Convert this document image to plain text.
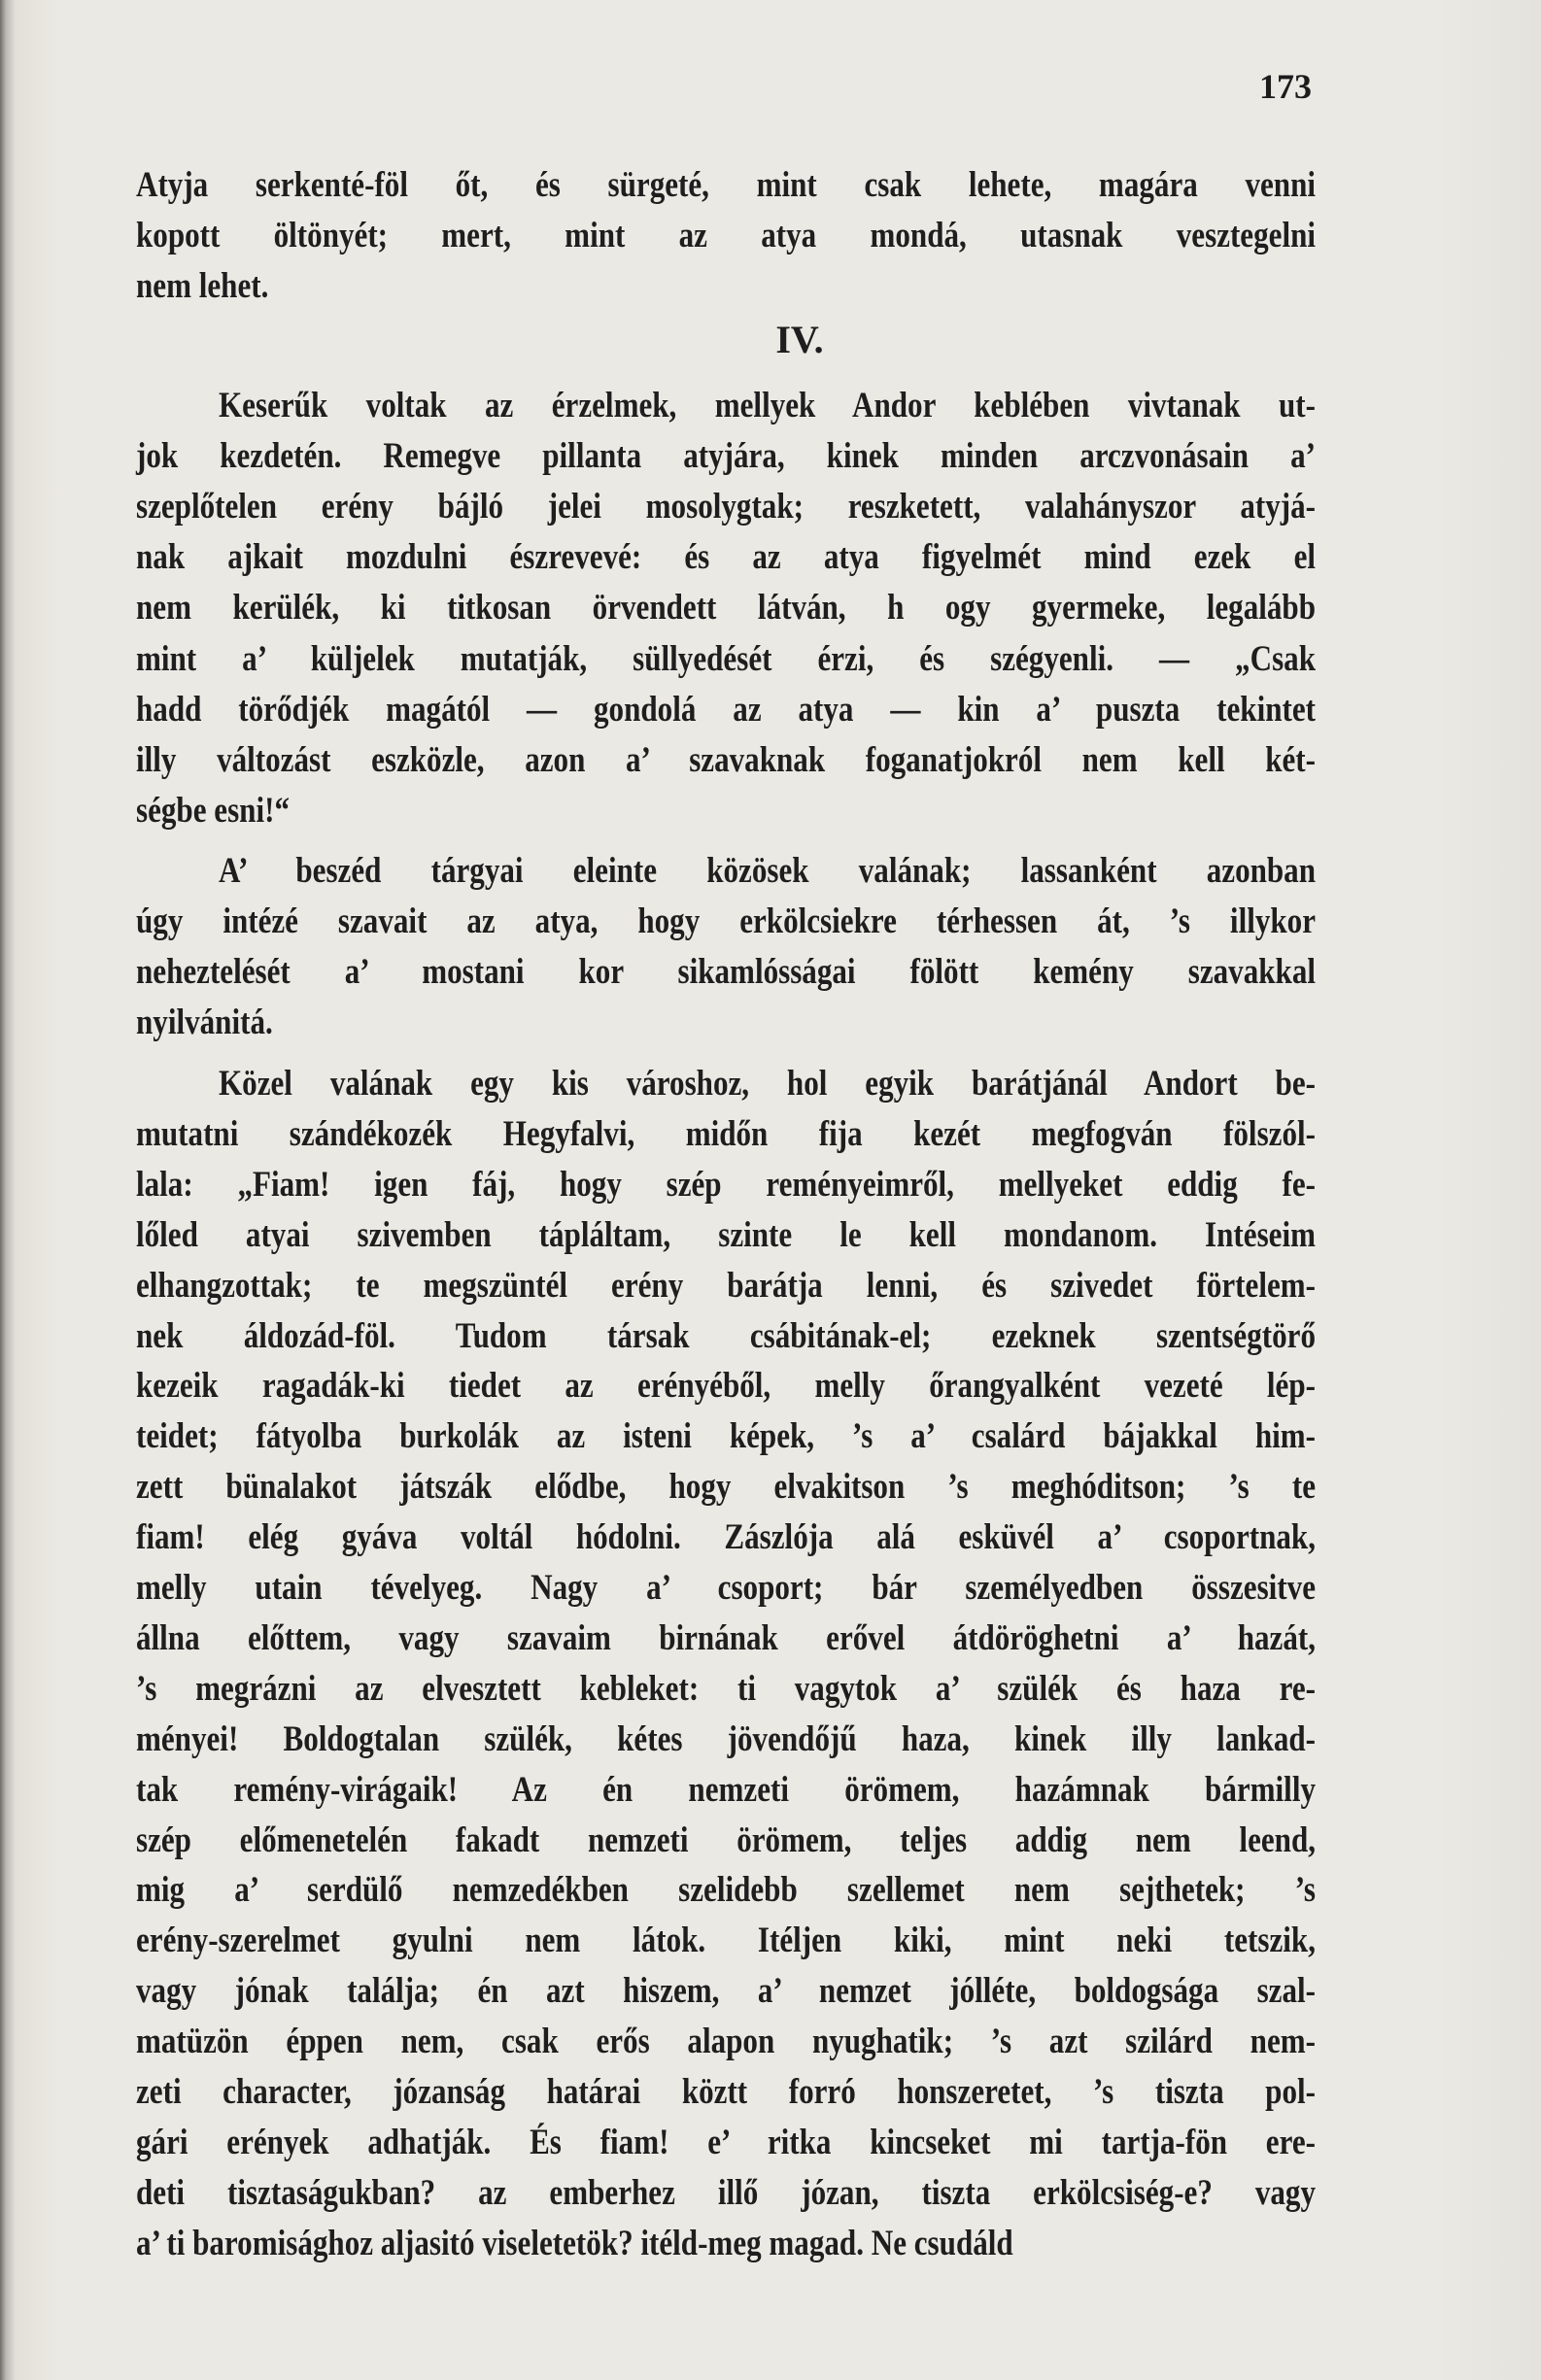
173
IV.
Atyja serkenté-föl őt, és sürgeté, mint csak lehete, magára venni
kopott öltönyét; mert, mint az atya mondá, utasnak vesztegelni
nem lehet.
Keserűk voltak az érzelmek, mellyek Andor keblében vivtanak ut-
jok kezdetén. Remegve pillanta atyjára, kinek minden arczvonásain a’
szeplőtelen erény bájló jelei mosolygtak; reszketett, valahányszor atyjá-
nak ajkait mozdulni észrevevé: és az atya figyelmét mind ezek el
nem kerülék, ki titkosan örvendett látván, h ogy gyermeke, legalább
mint a’ küljelek mutatják, süllyedését érzi, és szégyenli. — „Csak
hadd törődjék magától — gondolá az atya — kin a’ puszta tekintet
illy változást eszközle, azon a’ szavaknak foganatjokról nem kell két-
ségbe esni!“
A’ beszéd tárgyai eleinte közösek valának; lassanként azonban
úgy intézé szavait az atya, hogy erkölcsiekre térhessen át, ’s illykor
neheztelését a’ mostani kor sikamlósságai fölött kemény szavakkal
nyilvánitá.
Közel valának egy kis városhoz, hol egyik barátjánál Andort be-
mutatni szándékozék Hegyfalvi, midőn fija kezét megfogván fölszól-
lala: „Fiam! igen fáj, hogy szép reményeimről, mellyeket eddig fe-
lőled atyai szivemben tápláltam, szinte le kell mondanom. Intéseim
elhangzottak; te megszüntél erény barátja lenni, és szivedet förtelem-
nek áldozád-föl. Tudom társak csábitának-el; ezeknek szentségtörő
kezeik ragadák-ki tiedet az erényéből, melly őrangyalként vezeté lép-
teidet; fátyolba burkolák az isteni képek, ’s a’ csalárd bájakkal him-
zett bünalakot játszák elődbe, hogy elvakitson ’s meghóditson; ’s te
fiam! elég gyáva voltál hódolni. Zászlója alá esküvél a’ csoportnak,
melly utain tévelyeg. Nagy a’ csoport; bár személyedben összesitve
állna előttem, vagy szavaim birnának erővel átdöröghetni a’ hazát,
’s megrázni az elvesztett kebleket: ti vagytok a’ szülék és haza re-
ményei! Boldogtalan szülék, kétes jövendőjű haza, kinek illy lankad-
tak remény-virágaik! Az én nemzeti örömem, hazámnak bármilly
szép előmenetelén fakadt nemzeti örömem, teljes addig nem leend,
mig a’ serdülő nemzedékben szelidebb szellemet nem sejthetek; ’s
erény-szerelmet gyulni nem látok. Itéljen kiki, mint neki tetszik,
vagy jónak találja; én azt hiszem, a’ nemzet jólléte, boldogsága szal-
matüzön éppen nem, csak erős alapon nyughatik; ’s azt szilárd nem-
zeti character, józanság határai köztt forró honszeretet, ’s tiszta pol-
gári erények adhatják. És fiam! e’ ritka kincseket mi tartja-fön ere-
deti tisztaságukban? az emberhez illő józan, tiszta erkölcsiség-e? vagy
a’ ti baromisághoz aljasitó viseletetök? itéld-meg magad. Ne csudáld
